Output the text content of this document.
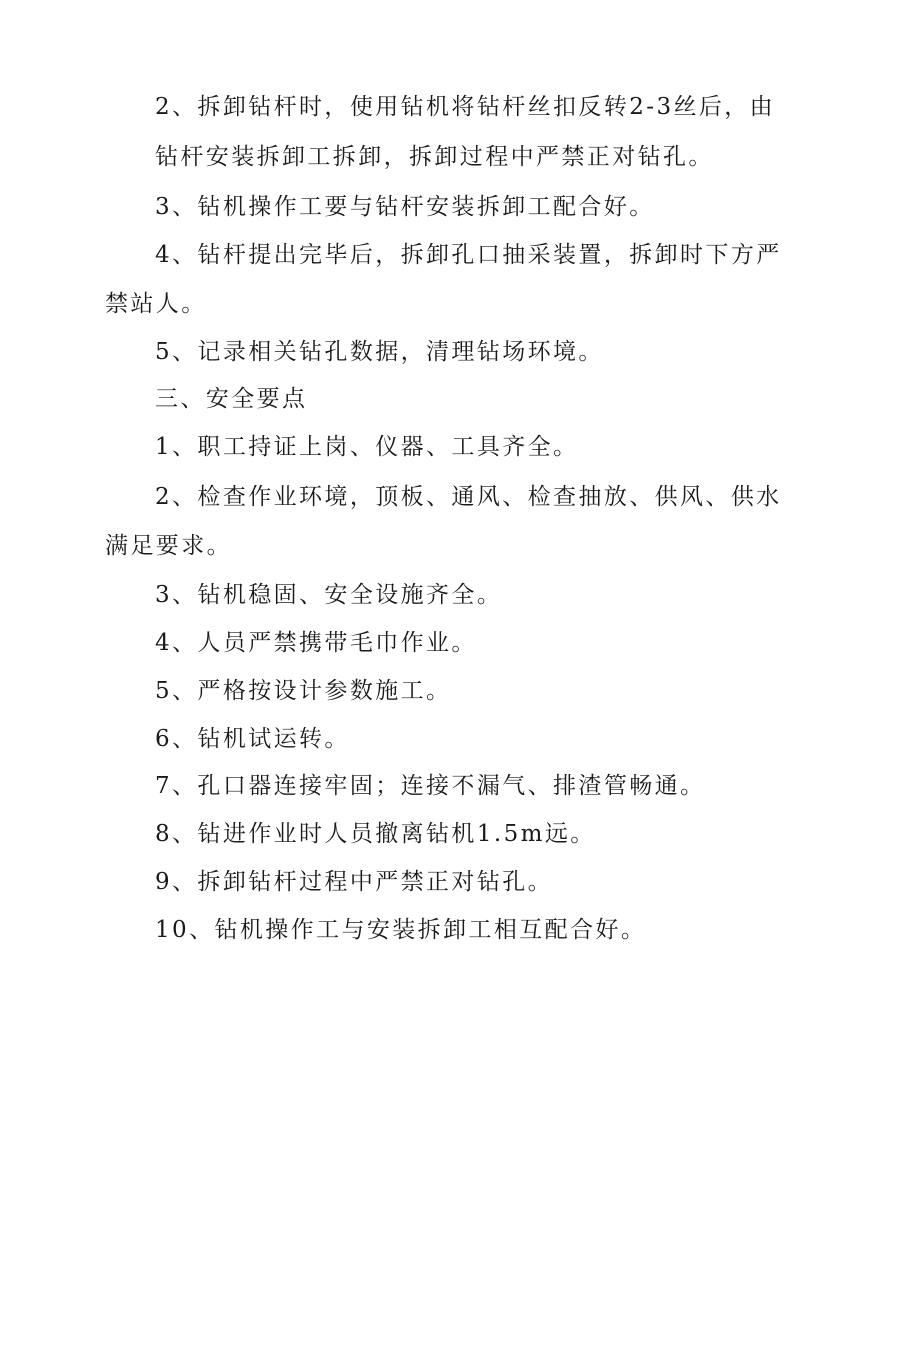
2、拆卸钻杆时，使用钻机将钻杆丝扣反转2-3丝后，由
钻杆安装拆卸工拆卸，拆卸过程中严禁正对钻孔。
3、钻机操作工要与钻杆安装拆卸工配合好。
4、钻杆提出完毕后，拆卸孔口抽采装置，拆卸时下方严
禁站人。
5、记录相关钻孔数据，清理钻场环境。
三、安全要点
1、职工持证上岗、仪器、工具齐全。
2、检查作业环境，顶板、通风、检查抽放、供风、供水
满足要求。
3、钻机稳固、安全设施齐全。
4、人员严禁携带毛巾作业。
5、严格按设计参数施工。
6、钻机试运转。
7、孔口器连接牢固；连接不漏气、排渣管畅通。
8、钻进作业时人员撤离钻机1.5m远。
9、拆卸钻杆过程中严禁正对钻孔。
10、钻机操作工与安装拆卸工相互配合好。
